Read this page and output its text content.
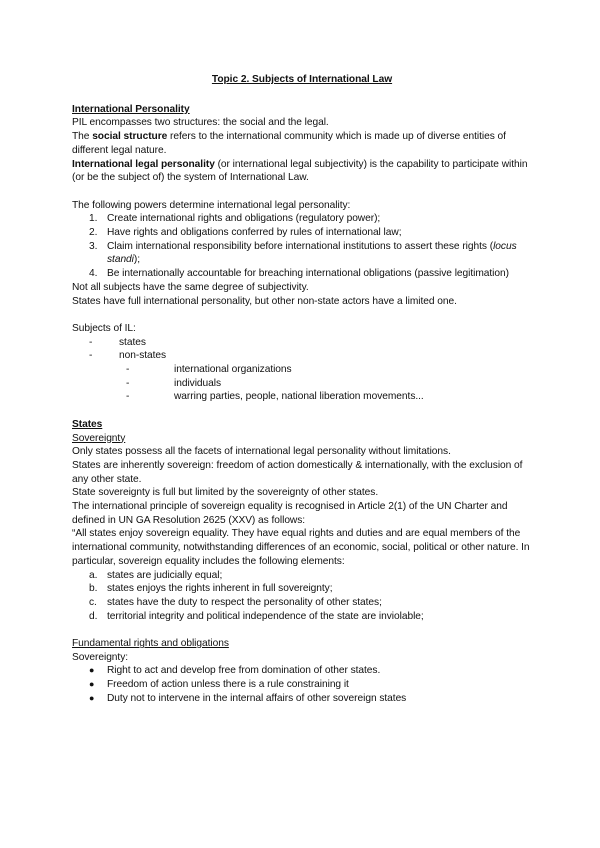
Topic 2. Subjects of International Law

International Personality

PIL encompasses two structures: the social and the legal.

The social structure refers to the international community which is made up of diverse entities of different legal nature.

International legal personality (or international legal subjectivity) is the capability to participate within (or be the subject of) the system of International Law.

The following powers determine international legal personality:

1. Create international rights and obligations (regulatory power);
2. Have rights and obligations conferred by rules of international law;
3. Claim international responsibility before international institutions to assert these rights (locus standi);
4. Be internationally accountable for breaching international obligations (passive legitimation)

Not all subjects have the same degree of subjectivity.

States have full international personality, but other non-state actors have a limited one.

Subjects of IL:

-	states
-	non-states
-	international organizations
-	individuals
-	warring parties, people, national liberation movements...

States

Sovereignty

Only states possess all the facets of international legal personality without limitations.

States are inherently sovereign: freedom of action domestically & internationally, with the exclusion of any other state.

State sovereignty is full but limited by the sovereignty of other states.

The international principle of sovereign equality is recognised in Article 2(1) of the UN Charter and defined in UN GA Resolution 2625 (XXV) as follows:

“All states enjoy sovereign equality. They have equal rights and duties and are equal members of the international community, notwithstanding differences of an economic, social, political or other nature. In particular, sovereign equality includes the following elements:

a. states are judicially equal;
b. states enjoys the rights inherent in full sovereignty;
c. states have the duty to respect the personality of other states;
d. territorial integrity and political independence of the state are inviolable;

Fundamental rights and obligations

Sovereignty:

● Right to act and develop free from domination of other states.
● Freedom of action unless there is a rule constraining it
● Duty not to intervene in the internal affairs of other sovereign states
